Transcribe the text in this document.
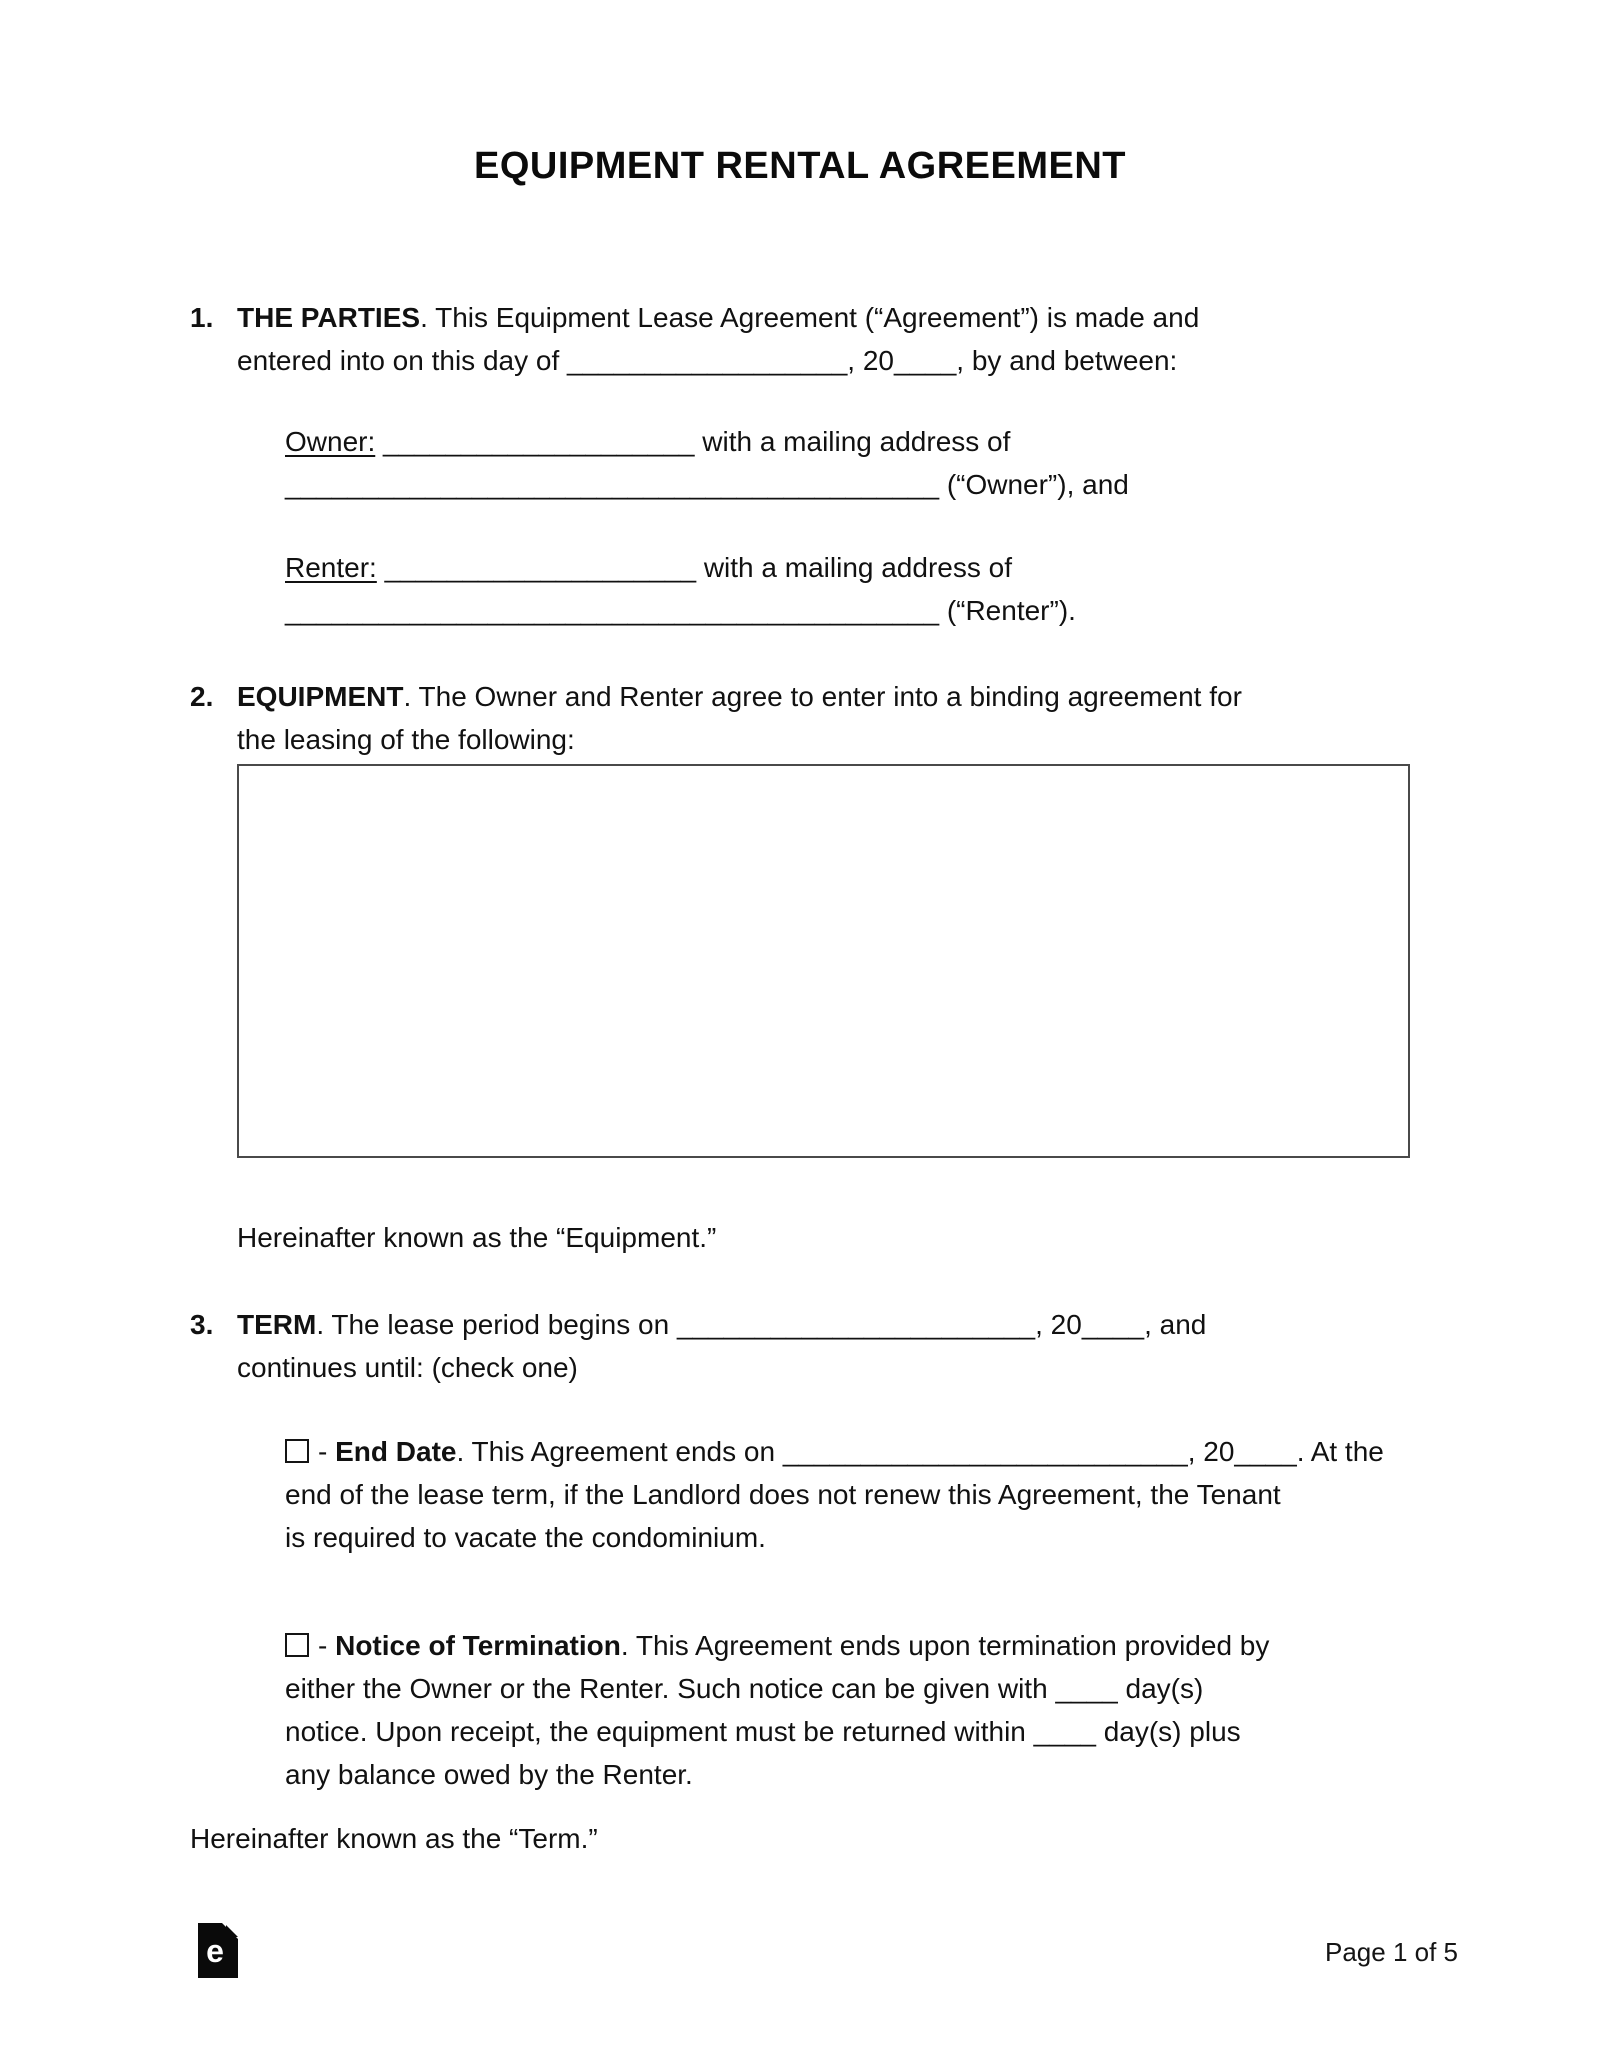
EQUIPMENT RENTAL AGREEMENT
1. THE PARTIES. This Equipment Lease Agreement (“Agreement”) is made and
entered into on this day of __________________, 20____, by and between:
Owner: ____________________ with a mailing address of
__________________________________________ (“Owner”), and
Renter: ____________________ with a mailing address of
__________________________________________ (“Renter”).
2. EQUIPMENT. The Owner and Renter agree to enter into a binding agreement for
the leasing of the following:
Hereinafter known as the “Equipment.”
3. TERM. The lease period begins on _______________________, 20____, and
continues until: (check one)
- End Date. This Agreement ends on __________________________, 20____. At the
end of the lease term, if the Landlord does not renew this Agreement, the Tenant
is required to vacate the condominium.
- Notice of Termination. This Agreement ends upon termination provided by
either the Owner or the Renter. Such notice can be given with ____ day(s)
notice. Upon receipt, the equipment must be returned within ____ day(s) plus
any balance owed by the Renter.
Hereinafter known as the “Term.”
e	Page 1 of 5
